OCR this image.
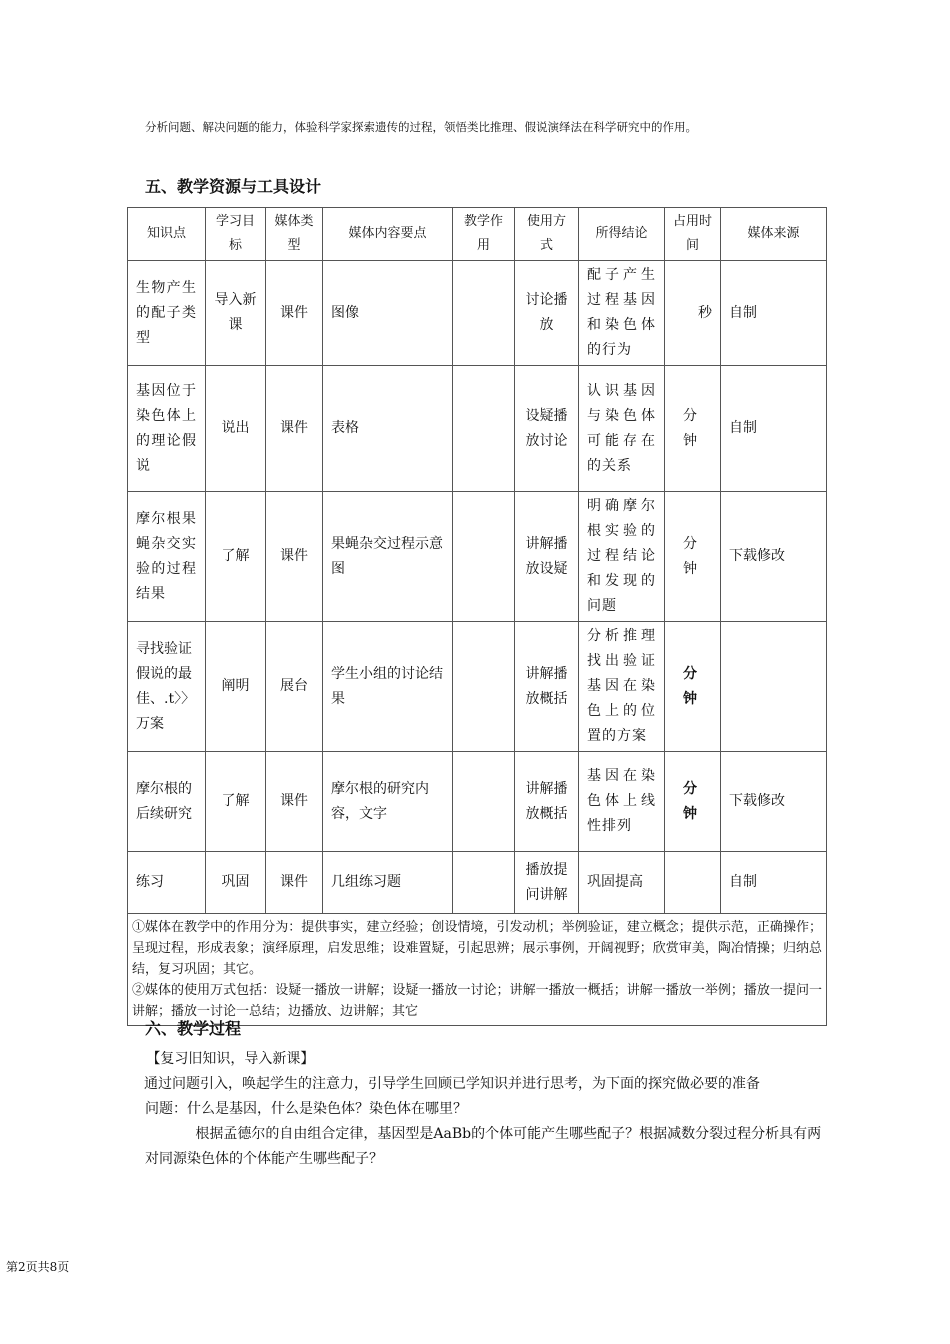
分析问题、解决问题的能力，体验科学家探索遗传的过程，领悟类比推理、假说演绎法在科学研究中的作用。
五、教学资源与工具设计
知识点	学习目标	媒体类型	媒体内容要点	教学作用	使用方式	所得结论	占用时间	媒体来源
生物产生的配子类型	导入新课	课件	图像		讨论播放	配子产生过程基因和染色体的行为	秒	自制
基因位于染色体上的理论假说	说出	课件	表格		设疑播放讨论	认识基因与染色体可能存在的关系	分钟	自制
摩尔根果蝇杂交实验的过程结果	了解	课件	果蝇杂交过程示意图		讲解播放设疑	明确摩尔根实验的过程结论和发现的问题	分钟	下载修改
寻找验证假说的最佳、.t〉〉万案	阐明	展台	学生小组的讨论结果		讲解播放概括	分析推理找出验证基因在染色上的位置的方案	分钟	
摩尔根的后续研究	了解	课件	摩尔根的研究内容，文字		讲解播放概括	基因在染色体上线性排列	分钟	下载修改
练习	巩固	课件	几组练习题		播放提问讲解	巩固提高		自制

①媒体在教学中的作用分为：提供事实，建立经验；创设情境，引发动机；举例验证，建立概念；提供示范，正确操作；呈现过程，形成表象；演绎原理，启发思维；设难置疑，引起思辨；展示事例，开阔视野；欣赏审美，陶冶情操；归纳总结，复习巩固；其它。

②媒体的使用万式包括：设疑一播放一讲解；设疑一播放一讨论；讲解一播放一概括；讲解一播放一举例；播放一提问一讲解；播放一讨论一总结；边播放、边讲解；其它								

六、教学过程

【复习旧知识，导入新课】

通过问题引入，唤起学生的注意力，引导学生回顾已学知识并进行思考，为下面的探究做必要的准备

问题：什么是基因，什么是染色体？染色体在哪里？

根据孟德尔的自由组合定律，基因型是AaBb的个体可能产生哪些配子？根据减数分裂过程分析具有两对同源染色体的个体能产生哪些配子？

第2页共8页
